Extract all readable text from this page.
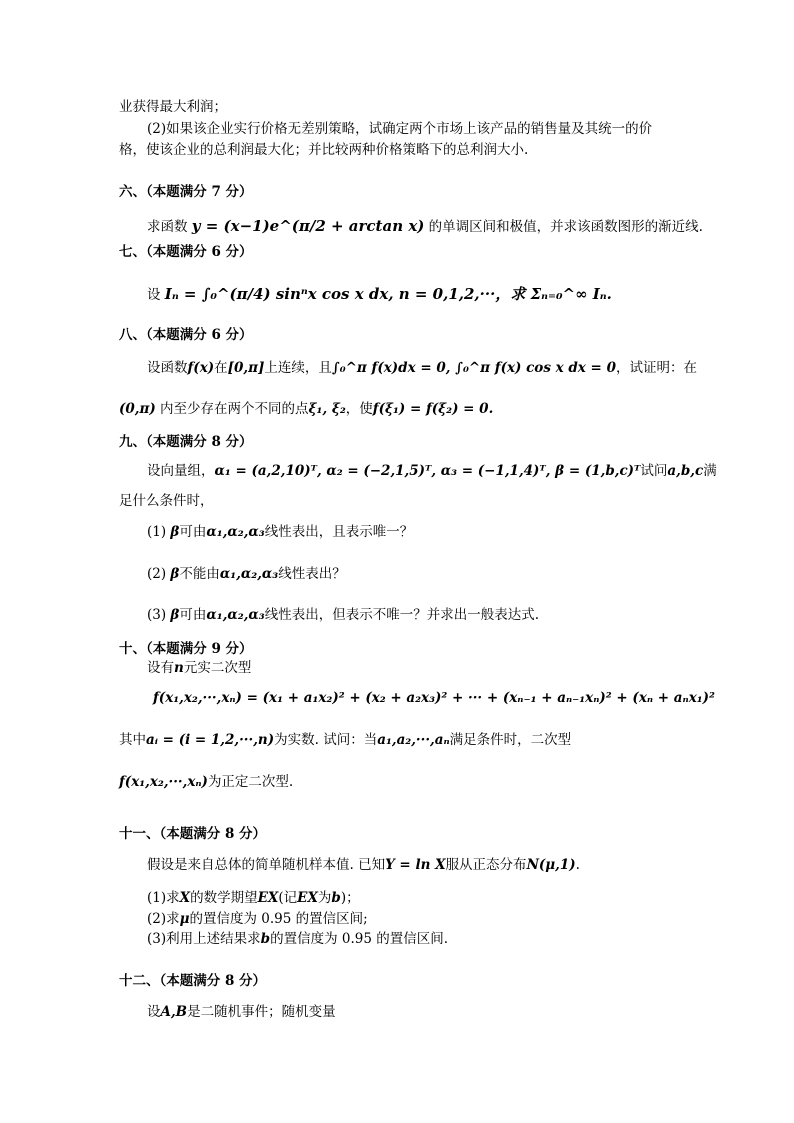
业获得最大利润；
(2)如果该企业实行价格无差别策略，试确定两个市场上该产品的销售量及其统一的价
格，使该企业的总利润最大化；并比较两种价格策略下的总利润大小.
六、（本题满分 7 分）
求函数 y = (x−1)e^(π/2 + arctan x) 的单调区间和极值，并求该函数图形的渐近线.
七、（本题满分 6 分）
设 Iₙ = ∫₀^(π/4) sinⁿx cos x dx, n = 0,1,2,···，求 Σₙ₌₀^∞ Iₙ.
八、（本题满分 6 分）
设函数f(x)在[0,π]上连续，且∫₀^π f(x)dx = 0, ∫₀^π f(x) cos x dx = 0，试证明：在
(0,π) 内至少存在两个不同的点ξ₁, ξ₂，使f(ξ₁) = f(ξ₂) = 0.
九、（本题满分 8 分）
设向量组，α₁ = (a,2,10)ᵀ, α₂ = (−2,1,5)ᵀ, α₃ = (−1,1,4)ᵀ, β = (1,b,c)ᵀ试问a,b,c满
足什么条件时，
(1) β可由α₁,α₂,α₃线性表出，且表示唯一？
(2) β不能由α₁,α₂,α₃线性表出？
(3) β可由α₁,α₂,α₃线性表出，但表示不唯一？并求出一般表达式.
十、（本题满分 9 分）
设有n元实二次型
f(x₁,x₂,···,xₙ) = (x₁ + a₁x₂)² + (x₂ + a₂x₃)² + ··· + (xₙ₋₁ + aₙ₋₁xₙ)² + (xₙ + aₙx₁)²
其中aᵢ = (i = 1,2,···,n)为实数. 试问：当a₁,a₂,···,aₙ满足条件时，二次型
f(x₁,x₂,···,xₙ)为正定二次型.
十一、（本题满分 8 分）
假设是来自总体的简单随机样本值. 已知Y = ln X服从正态分布N(μ,1).
(1)求X的数学期望EX(记EX为b)；
(2)求μ的置信度为 0.95 的置信区间;
(3)利用上述结果求b的置信度为 0.95 的置信区间.
十二、（本题满分 8 分）
设A,B是二随机事件；随机变量
